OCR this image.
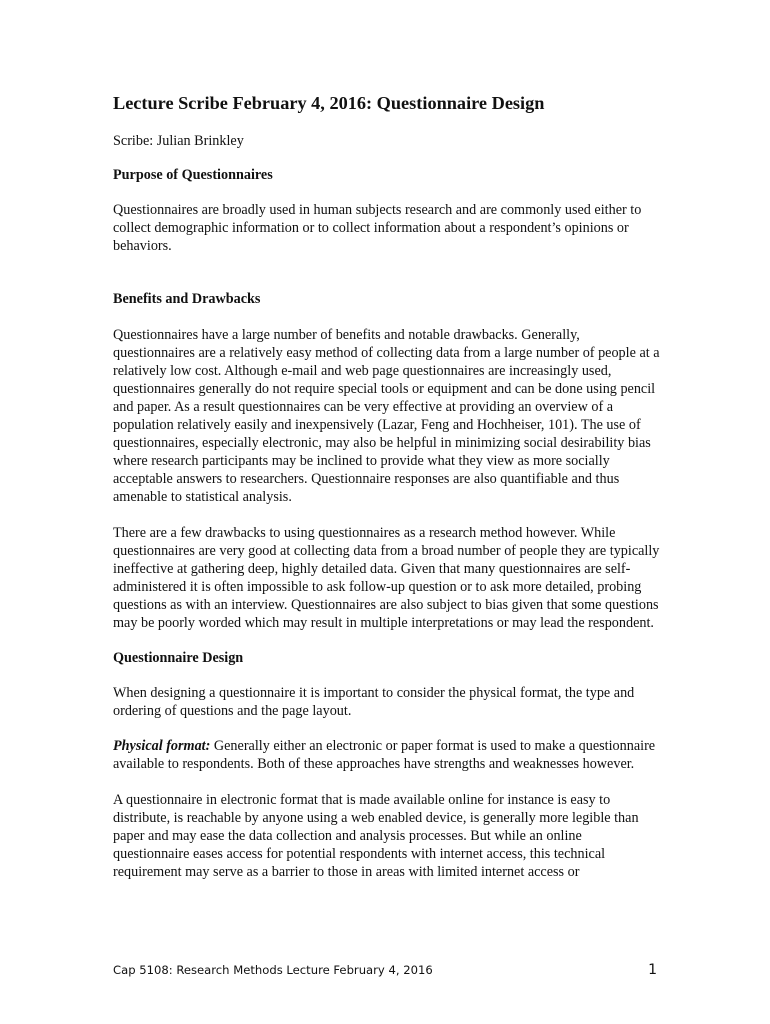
Lecture Scribe February 4, 2016: Questionnaire Design
Scribe: Julian Brinkley
Purpose of Questionnaires

Questionnaires are broadly used in human subjects research and are commonly used either to collect demographic information or to collect information about a respondent’s opinions or behaviors.

Benefits and Drawbacks

Questionnaires have a large number of benefits and notable drawbacks. Generally, questionnaires are a relatively easy method of collecting data from a large number of people at a relatively low cost. Although e-mail and web page questionnaires are increasingly used, questionnaires generally do not require special tools or equipment and can be done using pencil and paper. As a result questionnaires can be very effective at providing an overview of a population relatively easily and inexpensively (Lazar, Feng and Hochheiser, 101). The use of questionnaires, especially electronic, may also be helpful in minimizing social desirability bias where research participants may be inclined to provide what they view as more socially acceptable answers to researchers. Questionnaire responses are also quantifiable and thus amenable to statistical analysis.

There are a few drawbacks to using questionnaires as a research method however. While questionnaires are very good at collecting data from a broad number of people they are typically ineffective at gathering deep, highly detailed data. Given that many questionnaires are self-administered it is often impossible to ask follow-up question or to ask more detailed, probing questions as with an interview. Questionnaires are also subject to bias given that some questions may be poorly worded which may result in multiple interpretations or may lead the respondent.

Questionnaire Design

When designing a questionnaire it is important to consider the physical format, the type and ordering of questions and the page layout.

Physical format: Generally either an electronic or paper format is used to make a questionnaire available to respondents. Both of these approaches have strengths and weaknesses however.

A questionnaire in electronic format that is made available online for instance is easy to distribute, is reachable by anyone using a web enabled device, is generally more legible than paper and may ease the data collection and analysis processes. But while an online questionnaire eases access for potential respondents with internet access, this technical requirement may serve as a barrier to those in areas with limited internet access or

Cap 5108: Research Methods Lecture February 4, 2016	1
